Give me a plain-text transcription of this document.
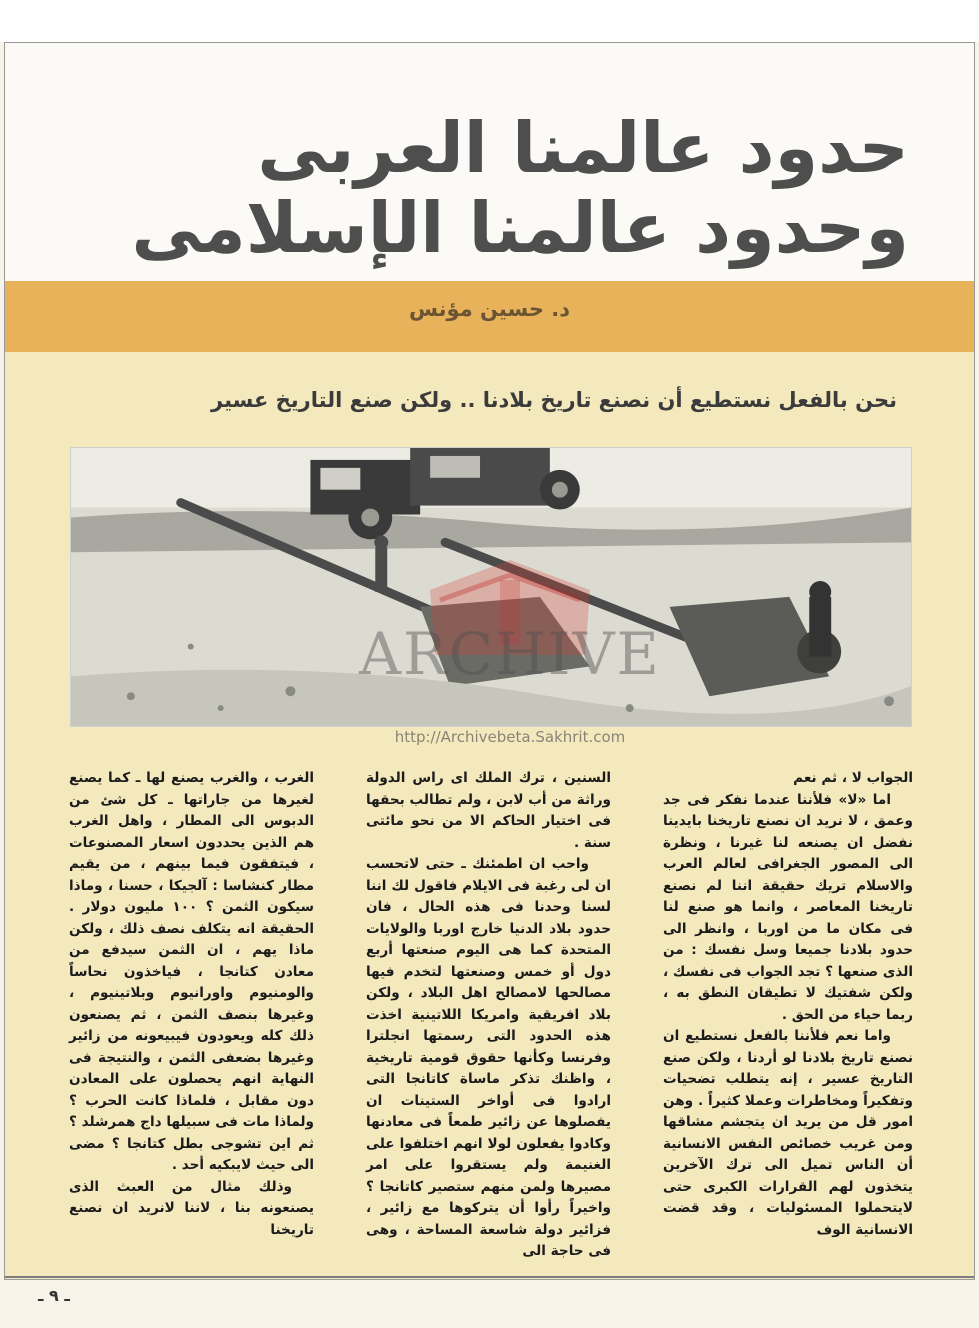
حدود عالمنا العربى
وحدود عالمنا الإسلامى
د. حسين مؤنس
نحن بالفعل نستطيع أن نصنع تاريخ بلادنا .. ولكن صنع التاريخ عسير
ARCHIVE
http://Archivebeta.Sakhrit.com

الجواب لا ، ثم نعم

اما «لا» فلأننا عندما نفكر فى جد وعمق ، لا نريد ان نصنع تاريخنا بايدينا نفضل ان يصنعه لنا غيرنا ، ونظرة الى المصور الجغرافى لعالم العرب والاسلام تريك حقيقة اننا لم نصنع تاريخنا المعاصر ، وانما هو صنع لنا فى مكان ما من اوربا ، وانظر الى حدود بلادنا جميعا وسل نفسك : من الذى صنعها ؟ تجد الجواب فى نفسك ، ولكن شفتيك لا تطيقان النطق به ، ربما حياء من الحق .

واما نعم فلأننا بالفعل نستطيع ان نصنع تاريخ بلادنا لو أردنا ، ولكن صنع التاريخ عسير ، إنه يتطلب تضحيات وتفكيراً ومخاطرات وعملا كثيراً . وهن امور قل من يريد ان يتجشم مشاقها ومن غريب خصائص النفس الانسانية أن الناس تميل الى ترك الآخرين يتخذون لهم القرارات الكبرى حتى لايتحملوا المسئوليات ، وقد قضت الانسانية الوف

السنين ، ترك الملك اى راس الدولة وراثة من أب لابن ، ولم تطالب بحقها فى اختيار الحاكم الا من نحو مائتى سنة .

واحب ان اطمئنك ـ حتى لاتحسب ان لى رغبة فى الايلام فاقول لك اننا لسنا وحدنا فى هذه الحال ، فان حدود بلاد الدنيا خارج اوربا والولايات المتحدة كما هى اليوم صنعتها أربع دول أو خمس وصنعتها لتخدم فيها مصالحها لامصالح اهل البلاد ، ولكن بلاد افريقية وامريكا اللاتينية اخذت هذه الحدود التى رسمتها انجلترا وفرنسا وكأنها حقوق قومية تاريخية ، واظنك تذكر ماساة كاتانجا التى ارادوا فى أواخر الستينات ان يفصلوها عن زائير طمعاً فى معادنها وكادوا يفعلون لولا انهم اختلفوا على الغنيمة ولم يستقروا على امر مصيرها ولمن منهم ستصير كاتانجا ؟ واخيراً رأوا أن يتركوها مع زائير ، فزائير دولة شاسعة المساحة ، وهى فى حاجة الى

الغرب ، والغرب يصنع لها ـ كما يصنع لغيرها من جاراتها ـ كل شئ من الدبوس الى المطار ، واهل الغرب هم الذين يحددون اسعار المصنوعات ، فيتفقون فيما بينهم ، من يقيم مطار كنشاسا : آلجيكا ، حسنا ، وماذا سيكون الثمن ؟ ١٠٠ مليون دولار . الحقيقة انه يتكلف نصف ذلك ، ولكن ماذا يهم ، ان الثمن سيدفع من معادن كتانجا ، فياخذون نحاساً والومنيوم واورانيوم وبلاتينيوم ، وغيرها بنصف الثمن ، ثم يصنعون ذلك كله ويعودون فيبيعونه من زائير وغيرها بضعفى الثمن ، والنتيجة فى النهاية انهم يحصلون على المعادن دون مقابل ، فلماذا كانت الحرب ؟ ولماذا مات فى سبيلها داج همرشلد ؟ ثم اين تشوجى بطل كتانجا ؟ مضى الى حيث لايبكيه أحد .

وذلك مثال من العبث الذى يصنعونه بنا ، لاننا لانريد ان نصنع تاريخنا

ـ ٩ ـ
